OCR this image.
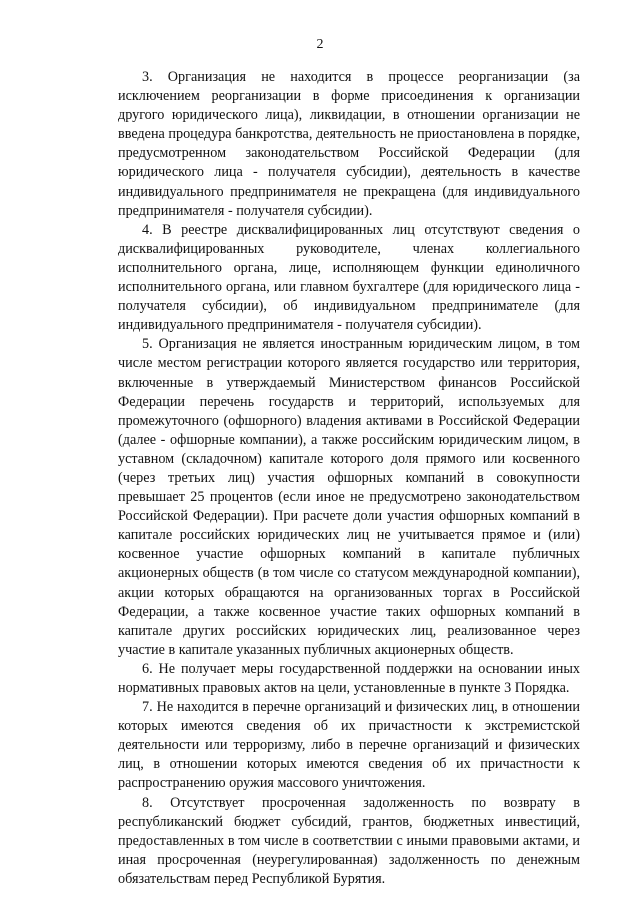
2

3. Организация не находится в процессе реорганизации (за исключением реорганизации в форме присоединения к организации другого юридического лица), ликвидации, в отношении организации не введена процедура банкротства, деятельность не приостановлена в порядке, предусмотренном законодательством Российской Федерации (для юридического лица - получателя субсидии), деятельность в качестве индивидуального предпринимателя не прекращена (для индивидуального предпринимателя - получателя субсидии).

4. В реестре дисквалифицированных лиц отсутствуют сведения о дисквалифицированных руководителе, членах коллегиального исполнительного органа, лице, исполняющем функции единоличного исполнительного органа, или главном бухгалтере (для юридического лица - получателя субсидии), об индивидуальном предпринимателе (для индивидуального предпринимателя - получателя субсидии).

5. Организация не является иностранным юридическим лицом, в том числе местом регистрации которого является государство или территория, включенные в утверждаемый Министерством финансов Российской Федерации перечень государств и территорий, используемых для промежуточного (офшорного) владения активами в Российской Федерации (далее - офшорные компании), а также российским юридическим лицом, в уставном (складочном) капитале которого доля прямого или косвенного (через третьих лиц) участия офшорных компаний в совокупности превышает 25 процентов (если иное не предусмотрено законодательством Российской Федерации). При расчете доли участия офшорных компаний в капитале российских юридических лиц не учитывается прямое и (или) косвенное участие офшорных компаний в капитале публичных акционерных обществ (в том числе со статусом международной компании), акции которых обращаются на организованных торгах в Российской Федерации, а также косвенное участие таких офшорных компаний в капитале других российских юридических лиц, реализованное через участие в капитале указанных публичных акционерных обществ.

6. Не получает меры государственной поддержки на основании иных нормативных правовых актов на цели, установленные в пункте 3 Порядка.

7. Не находится в перечне организаций и физических лиц, в отношении которых имеются сведения об их причастности к экстремистской деятельности или терроризму, либо в перечне организаций и физических лиц, в отношении которых имеются сведения об их причастности к распространению оружия массового уничтожения.

8. Отсутствует просроченная задолженность по возврату в республиканский бюджет субсидий, грантов, бюджетных инвестиций, предоставленных в том числе в соответствии с иными правовыми актами, и иная просроченная (неурегулированная) задолженность по денежным обязательствам перед Республикой Бурятия.
